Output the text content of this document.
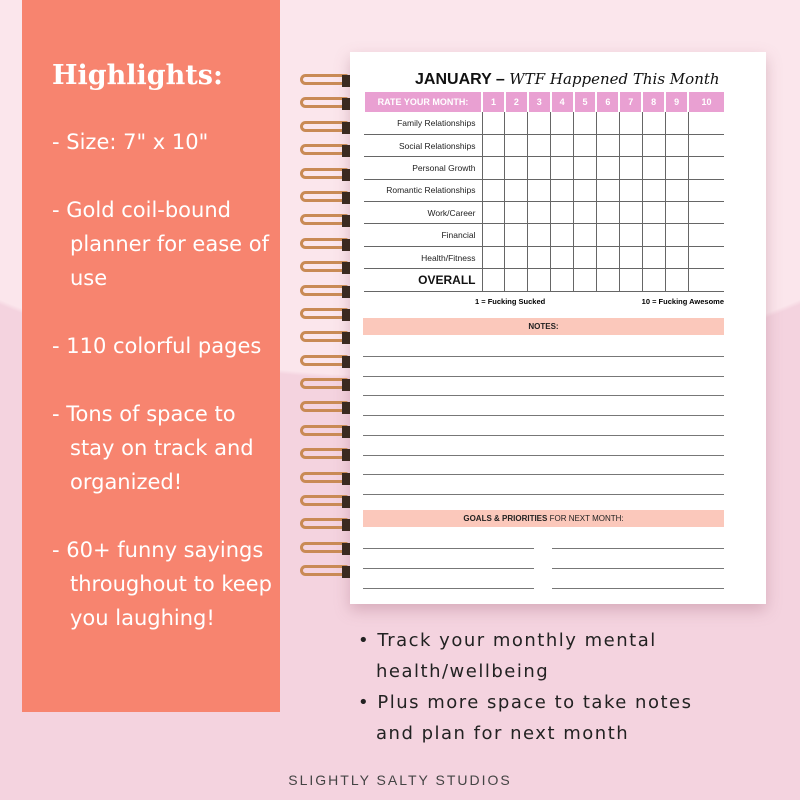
Highlights:
- Size: 7" x 10"
- Gold coil-bound planner for ease of use
- 110 colorful pages
- Tons of space to stay on track and organized!
- 60+ funny sayings throughout to keep you laughing!
JANUARY – WTF Happened This Month
RATE YOUR MONTH:	1	2	3	4	5	6	7	8	9	10
Family Relationships										
Social Relationships										
Personal Growth										
Romantic Relationships										
Work/Career										
Financial										
Health/Fitness										
OVERALL										
1 = Fucking Sucked	10 = Fucking Awesome
NOTES:
GOALS & PRIORITIES FOR NEXT MONTH:
• Track your monthly mental health/wellbeing
• Plus more space to take notes and plan for next month
SLIGHTLY SALTY STUDIOS
